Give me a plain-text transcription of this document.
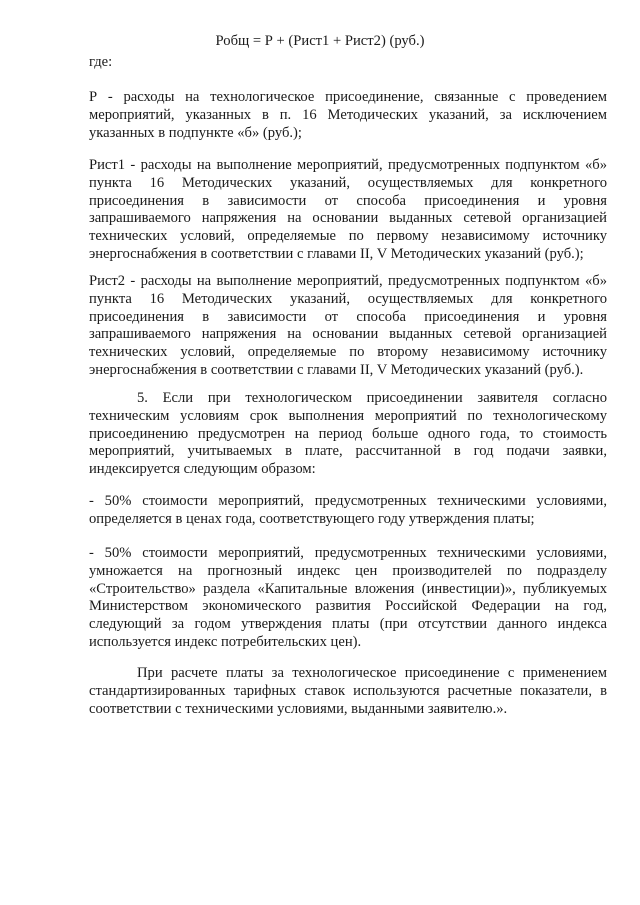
Робщ = Р + (Рист1 + Рист2) (руб.)

где:

Р - расходы на технологическое присоединение, связанные с проведением мероприятий, указанных в п. 16 Методических указаний, за исключением указанных в подпункте «б» (руб.);

Рист1 - расходы на выполнение мероприятий, предусмотренных подпунктом «б» пункта 16 Методических указаний, осуществляемых для конкретного присоединения в зависимости от способа присоединения и уровня запрашиваемого напряжения на основании выданных сетевой организацией технических условий, определяемые по первому независимому источнику энергоснабжения в соответствии с главами II, V Методических указаний (руб.);

Рист2 - расходы на выполнение мероприятий, предусмотренных подпунктом «б» пункта 16 Методических указаний, осуществляемых для конкретного присоединения в зависимости от способа присоединения и уровня запрашиваемого напряжения на основании выданных сетевой организацией технических условий, определяемые по второму независимому источнику энергоснабжения в соответствии с главами II, V Методических указаний (руб.).

5. Если при технологическом присоединении заявителя согласно техническим условиям срок выполнения мероприятий по технологическому присоединению предусмотрен на период больше одного года, то стоимость мероприятий, учитываемых в плате, рассчитанной в год подачи заявки, индексируется следующим образом:

- 50% стоимости мероприятий, предусмотренных техническими условиями, определяется в ценах года, соответствующего году утверждения платы;

- 50% стоимости мероприятий, предусмотренных техническими условиями, умножается на прогнозный индекс цен производителей по подразделу «Строительство» раздела «Капитальные вложения (инвестиции)», публикуемых Министерством экономического развития Российской Федерации на год, следующий за годом утверждения платы (при отсутствии данного индекса используется индекс потребительских цен).

При расчете платы за технологическое присоединение с применением стандартизированных тарифных ставок используются расчетные показатели, в соответствии с техническими условиями, выданными заявителю.».
